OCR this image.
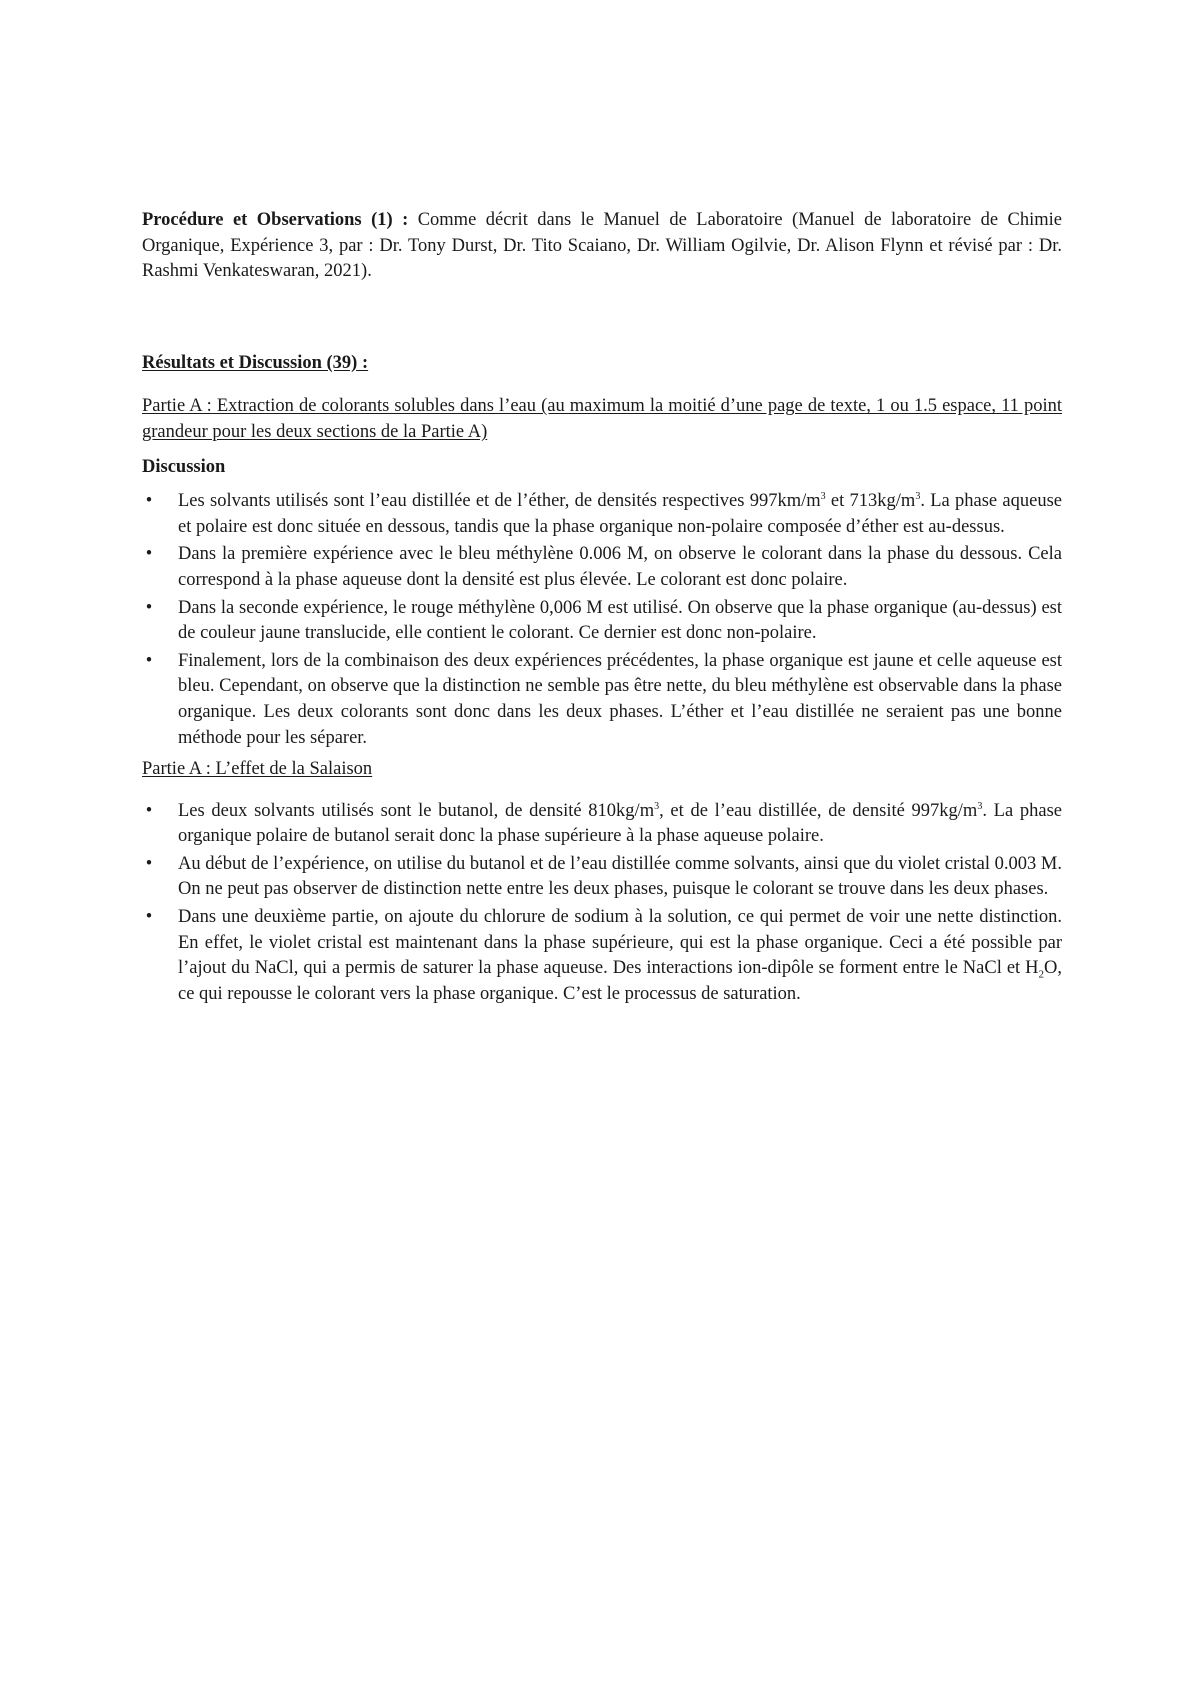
Procédure et Observations (1) : Comme décrit dans le Manuel de Laboratoire (Manuel de laboratoire de Chimie Organique, Expérience 3, par : Dr. Tony Durst, Dr. Tito Scaiano, Dr. William Ogilvie, Dr. Alison Flynn et révisé par : Dr. Rashmi Venkateswaran, 2021).

Résultats et Discussion (39) :

Partie A : Extraction de colorants solubles dans l’eau (au maximum la moitié d’une page de texte, 1 ou 1.5 espace, 11 point grandeur pour les deux sections de la Partie A)

Discussion

• Les solvants utilisés sont l’eau distillée et de l’éther, de densités respectives $997km/m^3$ et $713kg/m^3$. La phase aqueuse et polaire est donc située en dessous, tandis que la phase organique non-polaire composée d’éther est au-dessus.
• Dans la première expérience avec le bleu méthylène 0.006 M, on observe le colorant dans la phase du dessous. Cela correspond à la phase aqueuse dont la densité est plus élevée. Le colorant est donc polaire.
• Dans la seconde expérience, le rouge méthylène 0,006 M est utilisé. On observe que la phase organique (au-dessus) est de couleur jaune translucide, elle contient le colorant. Ce dernier est donc non-polaire.
• Finalement, lors de la combinaison des deux expériences précédentes, la phase organique est jaune et celle aqueuse est bleu. Cependant, on observe que la distinction ne semble pas être nette, du bleu méthylène est observable dans la phase organique. Les deux colorants sont donc dans les deux phases. L’éther et l’eau distillée ne seraient pas une bonne méthode pour les séparer.

Partie A : L’effet de la Salaison

• Les deux solvants utilisés sont le butanol, de densité $810kg/m^3$, et de l’eau distillée, de densité $997kg/m^3$. La phase organique polaire de butanol serait donc la phase supérieure à la phase aqueuse polaire.
• Au début de l’expérience, on utilise du butanol et de l’eau distillée comme solvants, ainsi que du violet cristal 0.003 M. On ne peut pas observer de distinction nette entre les deux phases, puisque le colorant se trouve dans les deux phases.
• Dans une deuxième partie, on ajoute du chlorure de sodium à la solution, ce qui permet de voir une nette distinction. En effet, le violet cristal est maintenant dans la phase supérieure, qui est la phase organique. Ceci a été possible par l’ajout du NaCl, qui a permis de saturer la phase aqueuse. Des interactions ion-dipôle se forment entre le NaCl et $H_2O$, ce qui repousse le colorant vers la phase organique. C’est le processus de saturation.
